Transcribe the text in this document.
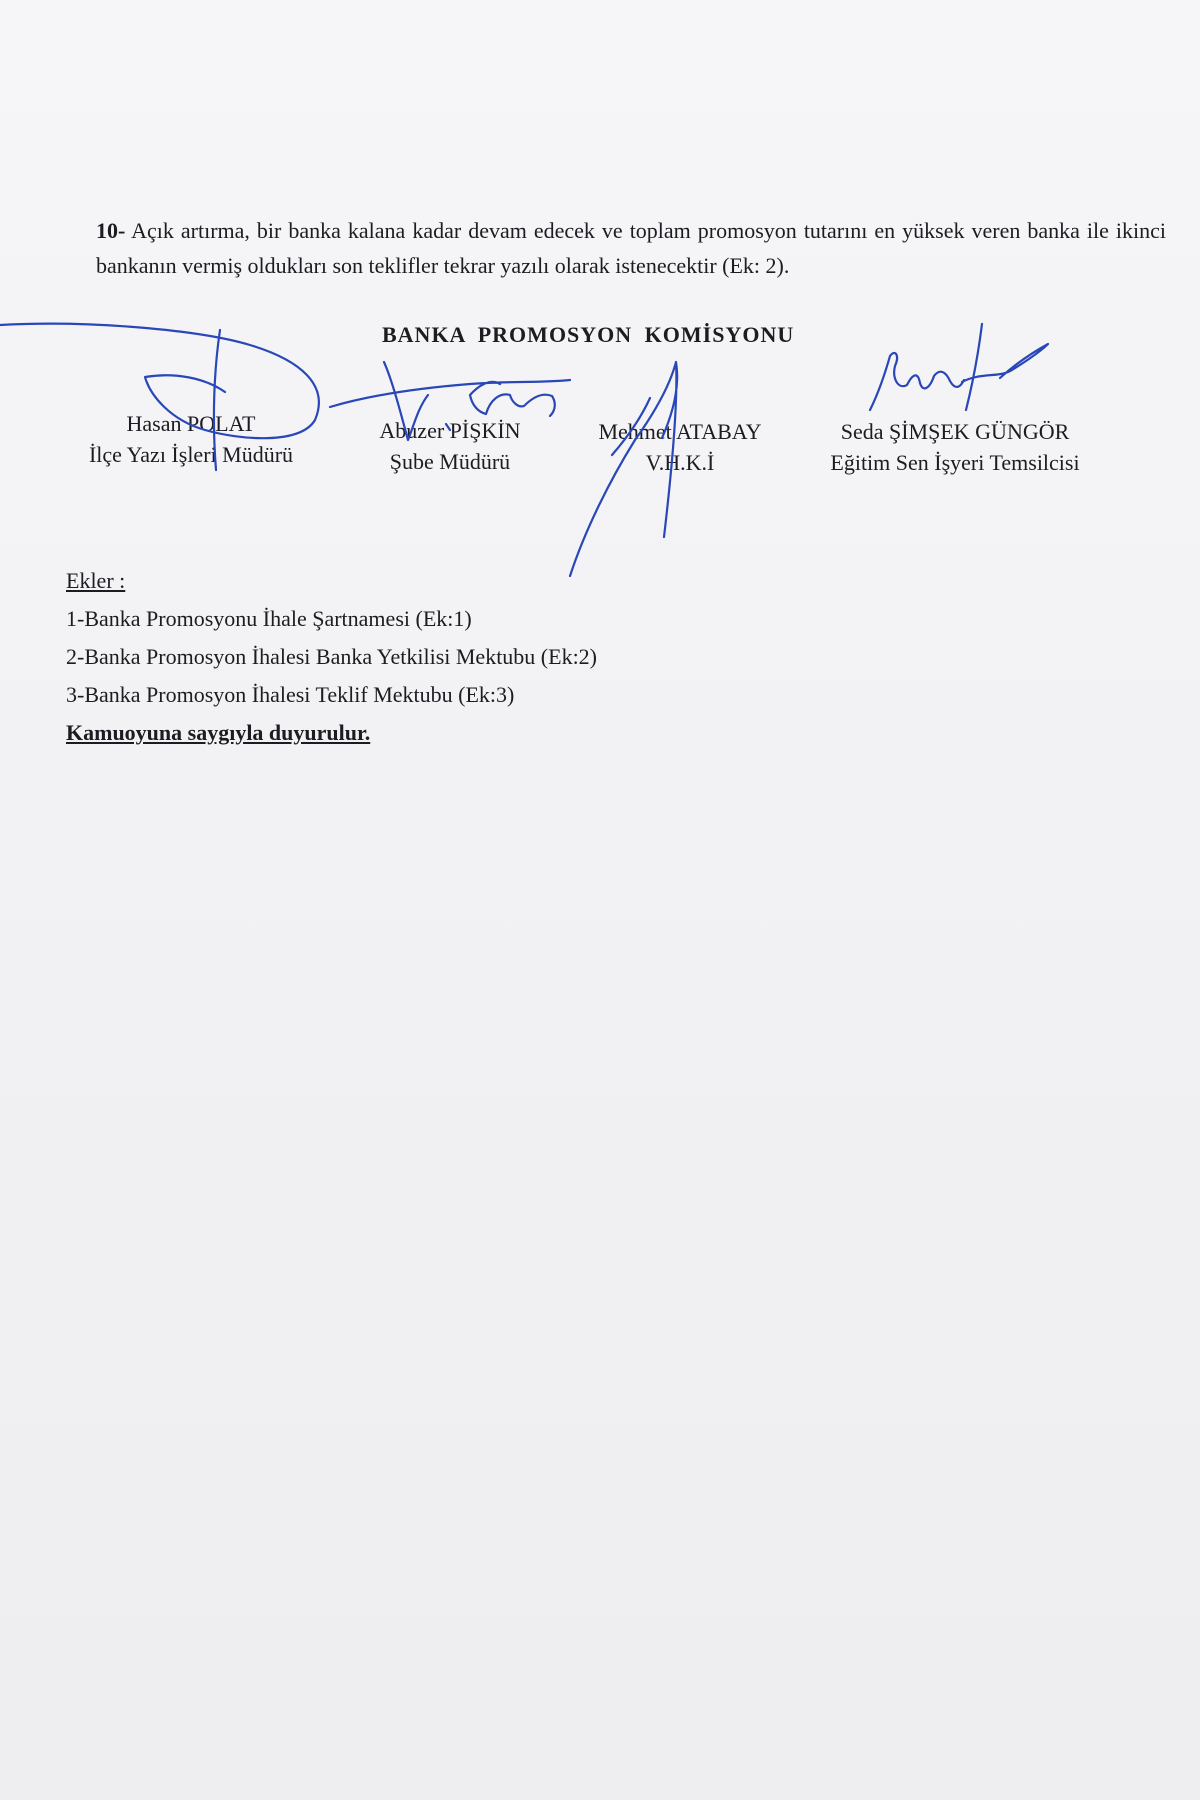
10- Açık artırma, bir banka kalana kadar devam edecek ve toplam promosyon tutarını en yüksek veren banka ile ikinci bankanın vermiş oldukları son teklifler tekrar yazılı olarak istenecektir (Ek: 2).
BANKA PROMOSYON KOMİSYONU
Hasan POLAT
İlçe Yazı İşleri Müdürü
Abuzer PİŞKİN
Şube Müdürü
Mehmet ATABAY
V.H.K.İ
Seda ŞİMŞEK GÜNGÖR
Eğitim Sen İşyeri Temsilcisi
Ekler :
1-Banka Promosyonu İhale Şartnamesi (Ek:1)
2-Banka Promosyon İhalesi Banka Yetkilisi Mektubu (Ek:2)
3-Banka Promosyon İhalesi Teklif Mektubu (Ek:3)
Kamuoyuna saygıyla duyurulur.
